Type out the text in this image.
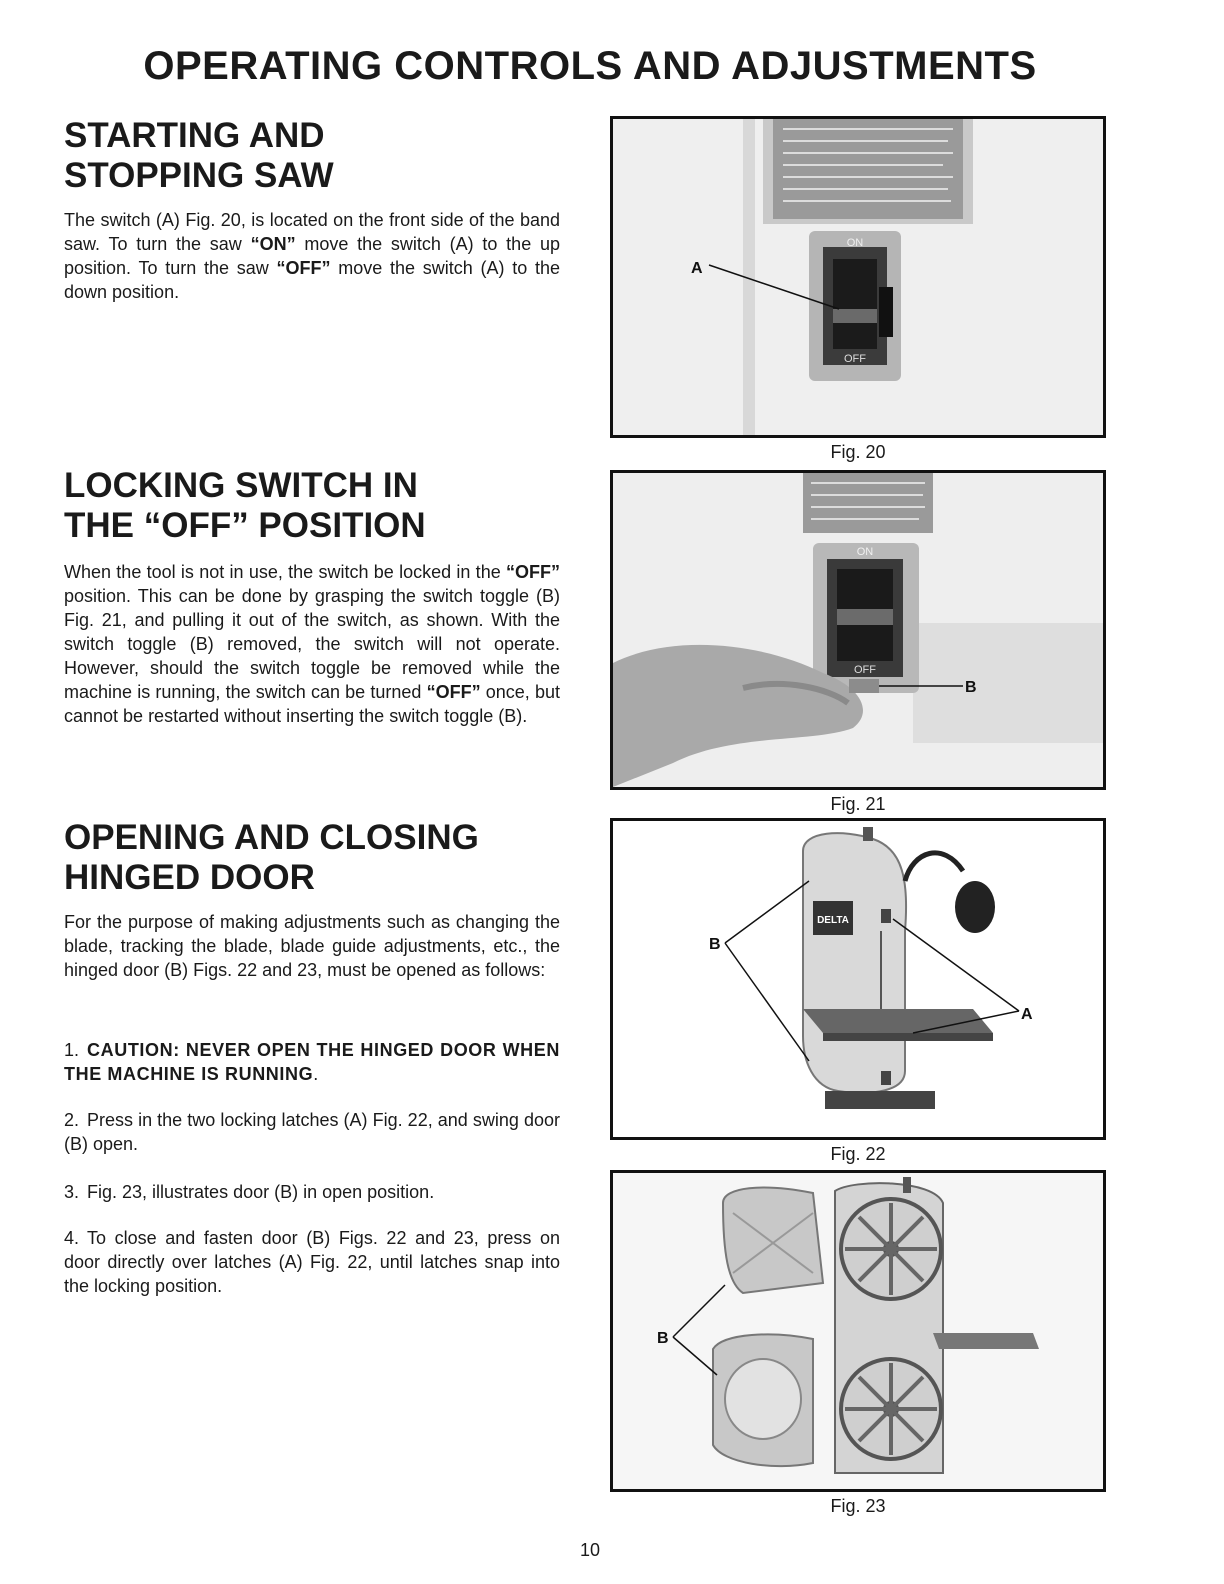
OPERATING CONTROLS AND ADJUSTMENTS
STARTING AND
STOPPING SAW

The switch (A) Fig. 20, is located on the front side of the band saw. To turn the saw “ON” move the switch (A) to the up position. To turn the saw “OFF” move the switch (A) to the down position.

LOCKING SWITCH IN
THE “OFF” POSITION

When the tool is not in use, the switch be locked in the “OFF” position. This can be done by grasping the switch toggle (B) Fig. 21, and pulling it out of the switch, as shown. With the switch toggle (B) removed, the switch will not operate. However, should the switch toggle be removed while the machine is running, the switch can be turned “OFF” once, but cannot be restarted without inserting the switch toggle (B).

OPENING AND CLOSING
HINGED DOOR

For the purpose of making adjustments such as changing the blade, tracking the blade, blade guide adjustments, etc., the hinged door (B) Figs. 22 and 23, must be opened as follows:

1. CAUTION: NEVER OPEN THE HINGED DOOR WHEN THE MACHINE IS RUNNING.

2. Press in the two locking latches (A) Fig. 22, and swing door (B) open.

3. Fig. 23, illustrates door (B) in open position.

4. To close and fasten door (B) Figs. 22 and 23, press on door directly over latches (A) Fig. 22, until latches snap into the locking position.

ON
OFF
A

Fig. 20

ON
OFF
B

Fig. 21

DELTA
B
A

Fig. 22

B

Fig. 23

10
